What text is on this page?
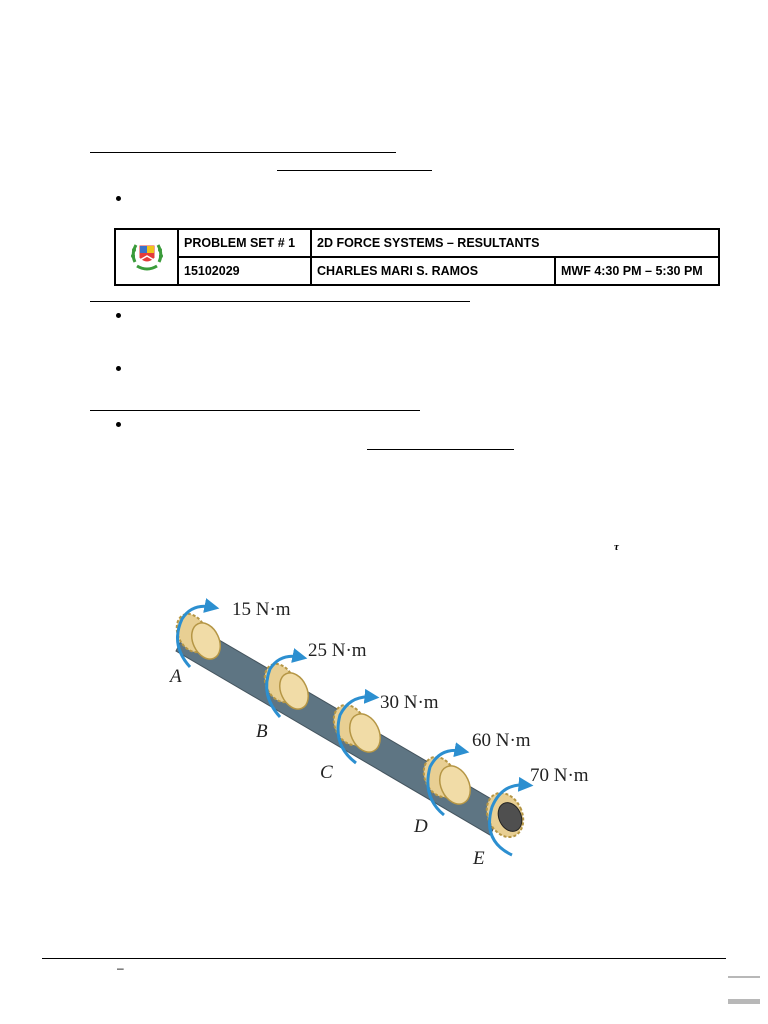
	PROBLEM SET # 1	2D FORCE SYSTEMS – RESULTANTS	
	15102029	CHARLES MARI S. RAMOS	MWF 4:30 PM – 5:30 PM
τ
15 N·m
25 N·m
30 N·m
60 N·m
70 N·m
A
B
C
D
E
–
